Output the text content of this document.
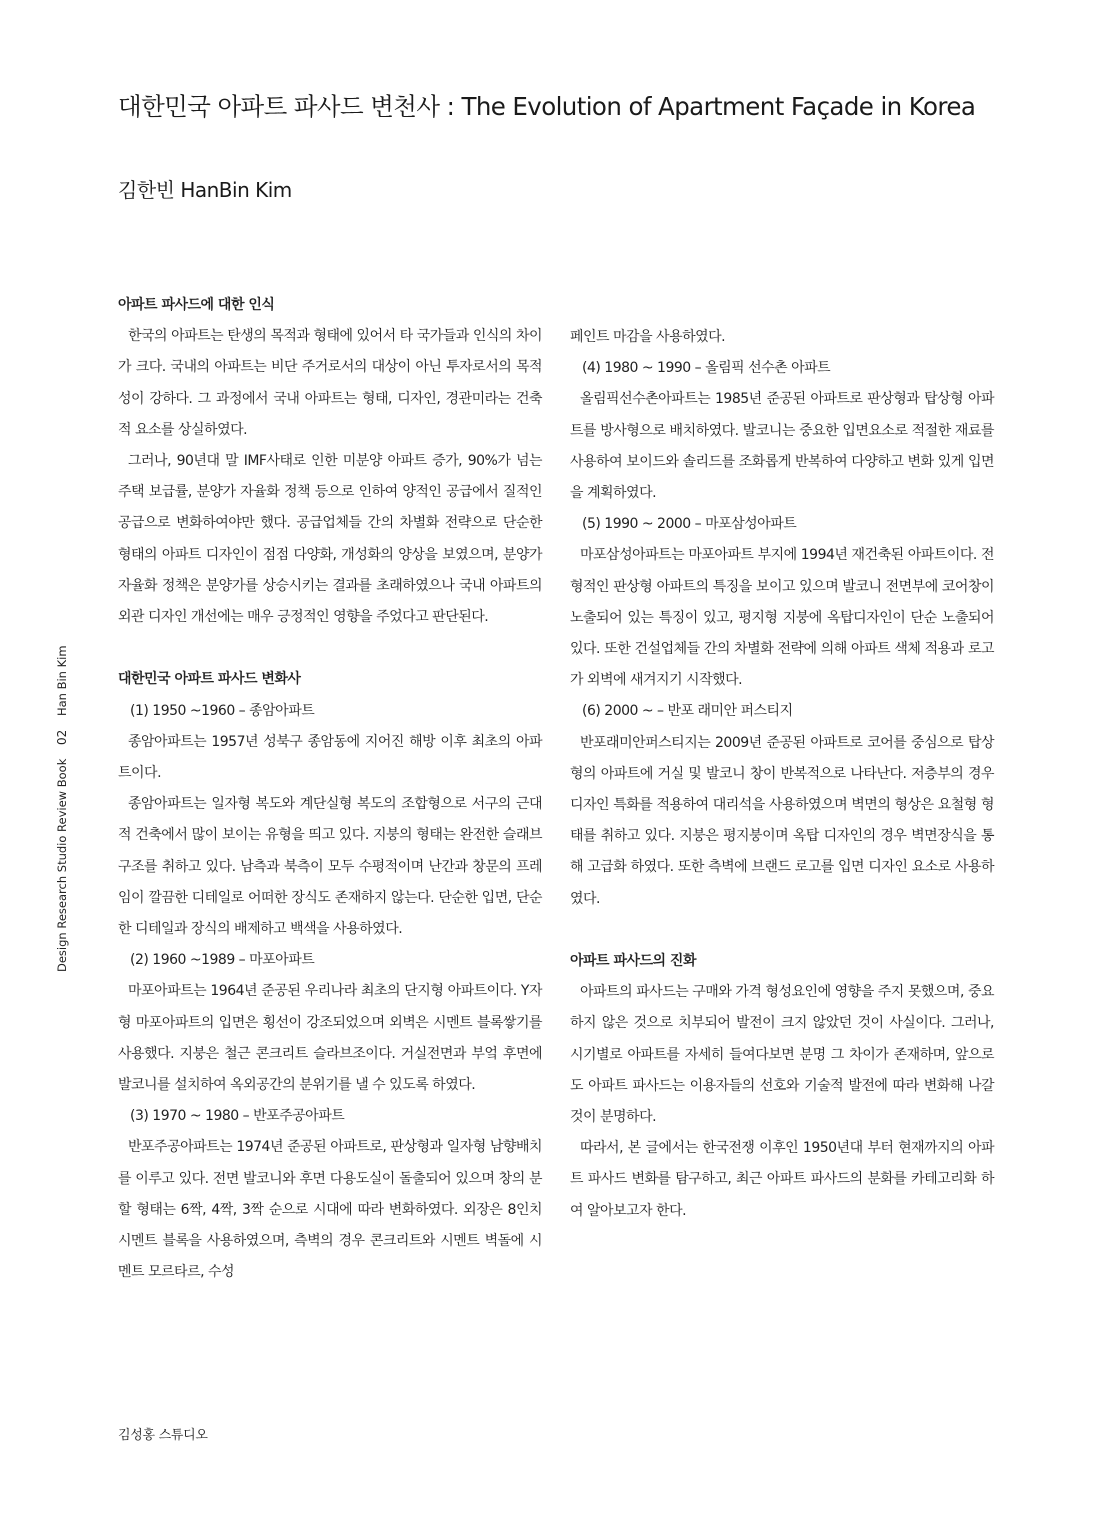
대한민국 아파트 파사드 변천사 : The Evolution of Apartment Façade in Korea
김한빈 HanBin Kim
Design Research Studio Review Book 02 Han Bin Kim
아파트 파사드에 대한 인식

한국의 아파트는 탄생의 목적과 형태에 있어서 타 국가들과 인식의 차이가 크다. 국내의 아파트는 비단 주거로서의 대상이 아닌 투자로서의 목적성이 강하다. 그 과정에서 국내 아파트는 형태, 디자인, 경관미라는 건축적 요소를 상실하였다.

그러나, 90년대 말 IMF사태로 인한 미분양 아파트 증가, 90%가 넘는 주택 보급률, 분양가 자율화 정책 등으로 인하여 양적인 공급에서 질적인 공급으로 변화하여야만 했다. 공급업체들 간의 차별화 전략으로 단순한 형태의 아파트 디자인이 점점 다양화, 개성화의 양상을 보였으며, 분양가 자율화 정책은 분양가를 상승시키는 결과를 초래하였으나 국내 아파트의 외관 디자인 개선에는 매우 긍정적인 영향을 주었다고 판단된다.

대한민국 아파트 파사드 변화사
(1) 1950 ~1960 – 종암아파트

종암아파트는 1957년 성북구 종암동에 지어진 해방 이후 최초의 아파트이다.

종암아파트는 일자형 복도와 계단실형 복도의 조합형으로 서구의 근대적 건축에서 많이 보이는 유형을 띄고 있다. 지붕의 형태는 완전한 슬래브 구조를 취하고 있다. 남측과 북측이 모두 수평적이며 난간과 창문의 프레임이 깔끔한 디테일로 어떠한 장식도 존재하지 않는다. 단순한 입면, 단순한 디테일과 장식의 배제하고 백색을 사용하였다.

(2) 1960 ~1989 – 마포아파트

마포아파트는 1964년 준공된 우리나라 최초의 단지형 아파트이다. Y자형 마포아파트의 입면은 횡선이 강조되었으며 외벽은 시멘트 블록쌓기를 사용했다. 지붕은 철근 콘크리트 슬라브조이다. 거실전면과 부엌 후면에 발코니를 설치하여 옥외공간의 분위기를 낼 수 있도록 하였다.

(3) 1970 ~ 1980 – 반포주공아파트

반포주공아파트는 1974년 준공된 아파트로, 판상형과 일자형 남향배치를 이루고 있다. 전면 발코니와 후면 다용도실이 돌출되어 있으며 창의 분할 형태는 6짝, 4짝, 3짝 순으로 시대에 따라 변화하였다. 외장은 8인치 시멘트 블록을 사용하였으며, 측벽의 경우 콘크리트와 시멘트 벽돌에 시멘트 모르타르, 수성

페인트 마감을 사용하였다.

(4) 1980 ~ 1990 – 올림픽 선수촌 아파트

올림픽선수촌아파트는 1985년 준공된 아파트로 판상형과 탑상형 아파트를 방사형으로 배치하였다. 발코니는 중요한 입면요소로 적절한 재료를 사용하여 보이드와 솔리드를 조화롭게 반복하여 다양하고 변화 있게 입면을 계획하였다.

(5) 1990 ~ 2000 – 마포삼성아파트

마포삼성아파트는 마포아파트 부지에 1994년 재건축된 아파트이다. 전형적인 판상형 아파트의 특징을 보이고 있으며 발코니 전면부에 코어창이 노출되어 있는 특징이 있고, 평지형 지붕에 옥탑디자인이 단순 노출되어 있다. 또한 건설업체들 간의 차별화 전략에 의해 아파트 색체 적용과 로고가 외벽에 새겨지기 시작했다.

(6) 2000 ~ – 반포 래미안 퍼스티지

반포래미안퍼스티지는 2009년 준공된 아파트로 코어를 중심으로 탑상형의 아파트에 거실 및 발코니 창이 반복적으로 나타난다. 저층부의 경우 디자인 특화를 적용하여 대리석을 사용하였으며 벽면의 형상은 요철형 형태를 취하고 있다. 지붕은 평지붕이며 옥탑 디자인의 경우 벽면장식을 통해 고급화 하였다. 또한 측벽에 브랜드 로고를 입면 디자인 요소로 사용하였다.

아파트 파사드의 진화

아파트의 파사드는 구매와 가격 형성요인에 영향을 주지 못했으며, 중요하지 않은 것으로 치부되어 발전이 크지 않았던 것이 사실이다. 그러나, 시기별로 아파트를 자세히 들여다보면 분명 그 차이가 존재하며, 앞으로도 아파트 파사드는 이용자들의 선호와 기술적 발전에 따라 변화해 나갈 것이 분명하다.

따라서, 본 글에서는 한국전쟁 이후인 1950년대 부터 현재까지의 아파트 파사드 변화를 탐구하고, 최근 아파트 파사드의 분화를 카테고리화 하여 알아보고자 한다.

김성홍 스튜디오
